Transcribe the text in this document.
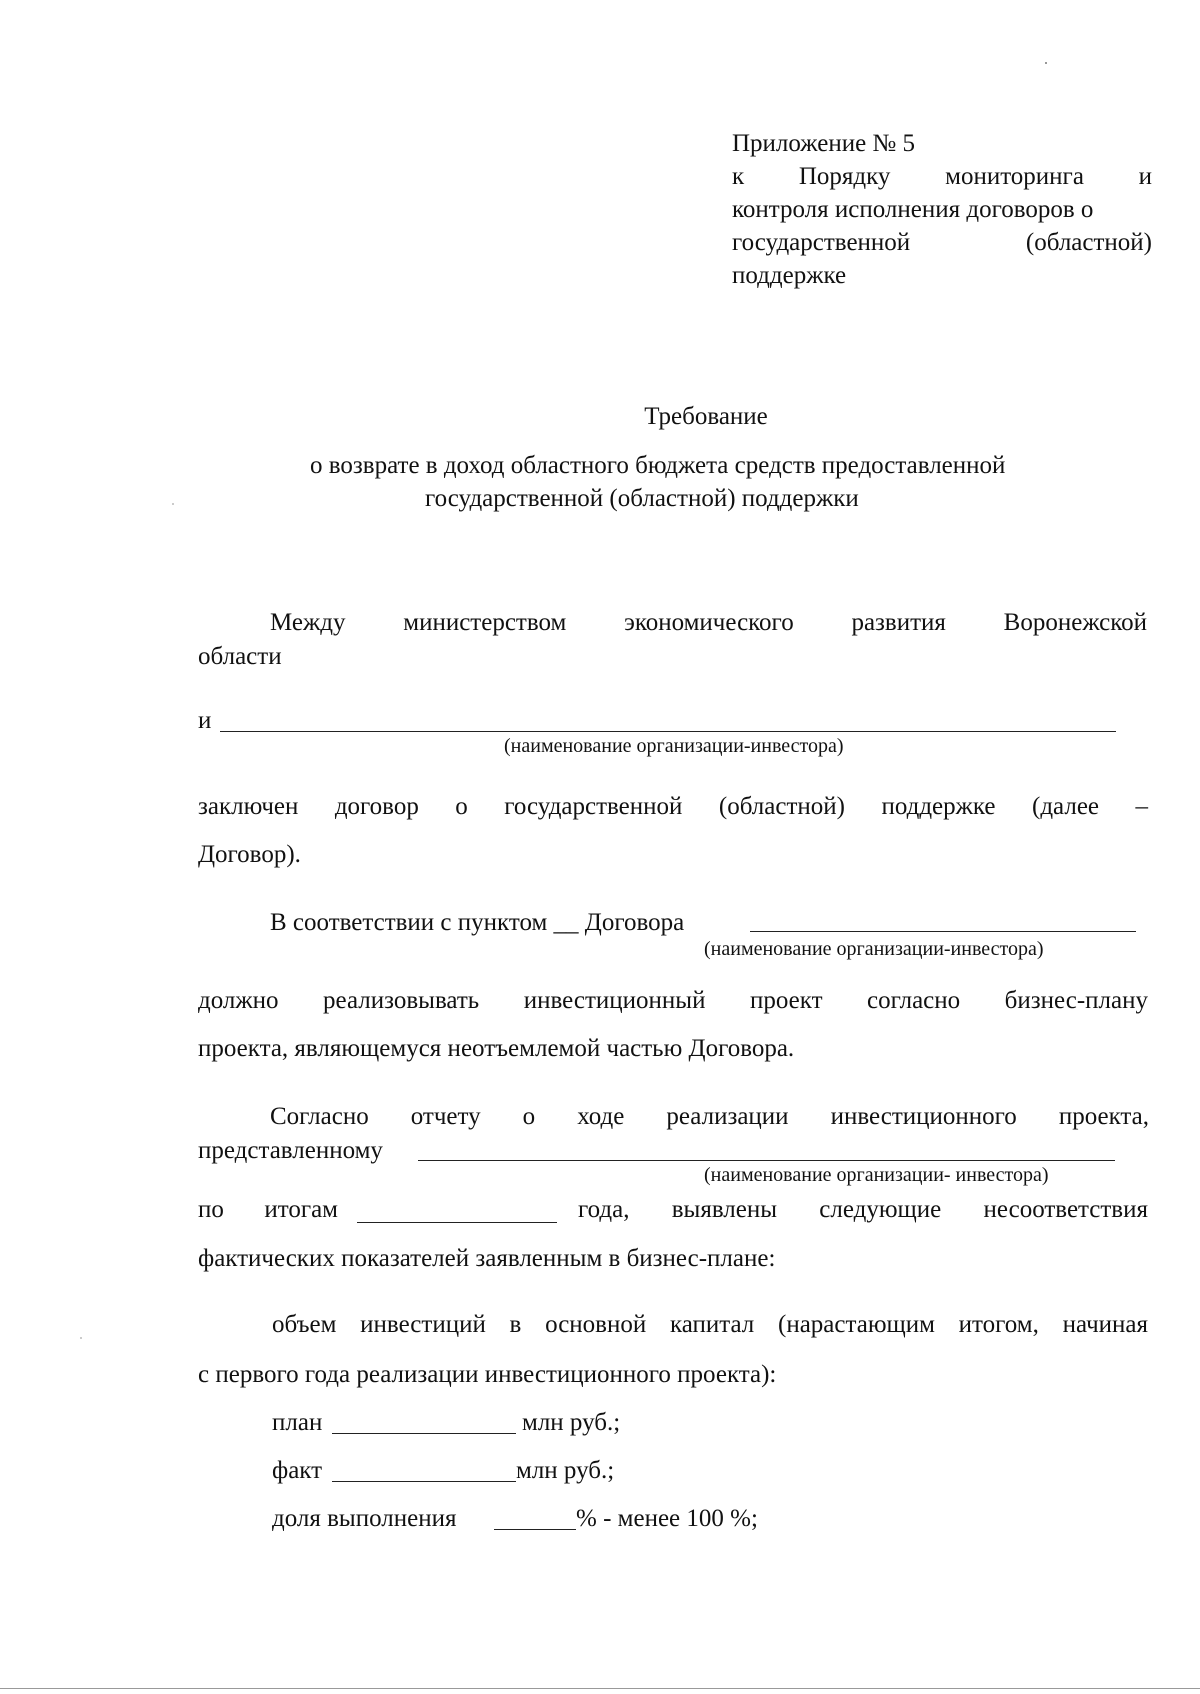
Приложение № 5
к Порядку мониторинга и
контроля исполнения договоров о
государственной (областной)
поддержке
Требование
о возврате в доход областного бюджета средств предоставленной
государственной (областной) поддержки
Между министерством экономического развития Воронежской
области
и
(наименование организации-инвестора)
заключен договор о государственной (областной) поддержке (далее –
Договор).
В соответствии с пунктом __ Договора
(наименование организации-инвестора)
должно реализовывать инвестиционный проект согласно бизнес-плану
проекта, являющемуся неотъемлемой частью Договора.
Согласно отчету о ходе реализации инвестиционного проекта,
представленному
(наименование организации- инвестора)
по итогам	года, выявлены следующие несоответствия
фактических показателей заявленным в бизнес-плане:
объем инвестиций в основной капитал (нарастающим итогом, начиная
с первого года реализации инвестиционного проекта):
план	млн руб.;
факт	млн руб.;
доля выполнения	% - менее 100 %;
